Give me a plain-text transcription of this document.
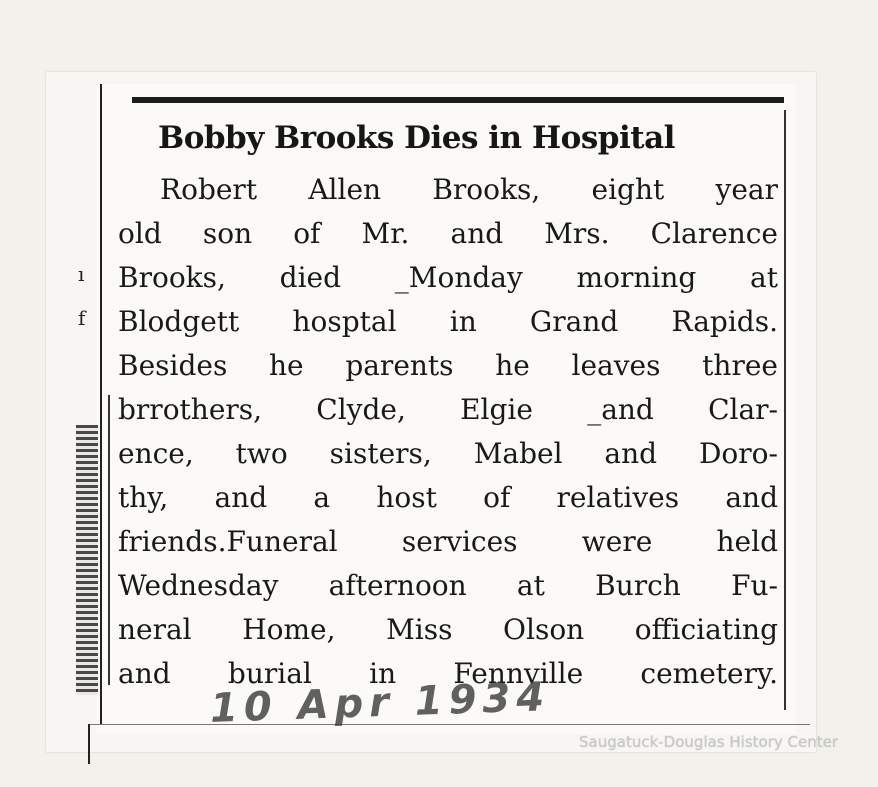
ı
f
Bobby Brooks Dies in Hospital
Robert Allen Brooks, eight year
old son of Mr. and Mrs. Clarence
Brooks, died _Monday morning at
Blodgett hosptal in Grand Rapids.
Besides he parents he leaves three
brrothers, Clyde, Elgie _and Clar-
ence, two sisters, Mabel and Doro-
thy, and a host of relatives and
friends.Funeral services were held
Wednesday afternoon at Burch Fu-
neral Home, Miss Olson officiating
and burial in Fennville cemetery.
10 Apr 1934
Saugatuck-Douglas History Center
